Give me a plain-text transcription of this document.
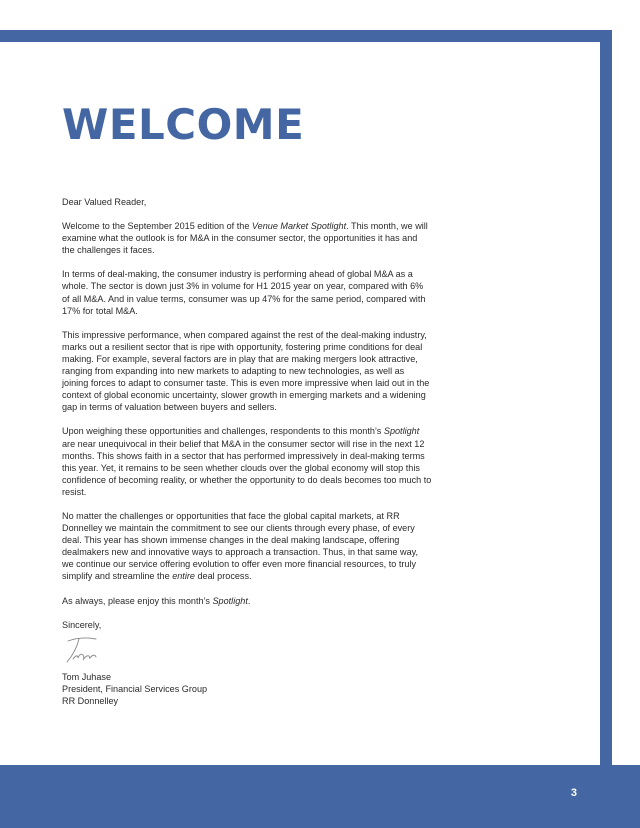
WELCOME

Dear Valued Reader,

Welcome to the September 2015 edition of the Venue Market Spotlight. This month, we will examine what the outlook is for M&A in the consumer sector, the opportunities it has and the challenges it faces.

In terms of deal-making, the consumer industry is performing ahead of global M&A as a whole. The sector is down just 3% in volume for H1 2015 year on year, compared with 6% of all M&A. And in value terms, consumer was up 47% for the same period, compared with 17% for total M&A.

This impressive performance, when compared against the rest of the deal-making industry, marks out a resilient sector that is ripe with opportunity, fostering prime conditions for deal making. For example, several factors are in play that are making mergers look attractive, ranging from expanding into new markets to adapting to new technologies, as well as joining forces to adapt to consumer taste. This is even more impressive when laid out in the context of global economic uncertainty, slower growth in emerging markets and a widening gap in terms of valuation between buyers and sellers.

Upon weighing these opportunities and challenges, respondents to this month’s Spotlight are near unequivocal in their belief that M&A in the consumer sector will rise in the next 12 months. This shows faith in a sector that has performed impressively in deal-making terms this year. Yet, it remains to be seen whether clouds over the global economy will stop this confidence of becoming reality, or whether the opportunity to do deals becomes too much to resist.

No matter the challenges or opportunities that face the global capital markets, at RR Donnelley we maintain the commitment to see our clients through every phase, of every deal. This year has shown immense changes in the deal making landscape, offering dealmakers new and innovative ways to approach a transaction. Thus, in that same way, we continue our service offering evolution to offer even more financial resources, to truly simplify and streamline the entire deal process.

As always, please enjoy this month’s Spotlight.

Sincerely,

Tom Juhase

President, Financial Services Group

RR Donnelley

3
